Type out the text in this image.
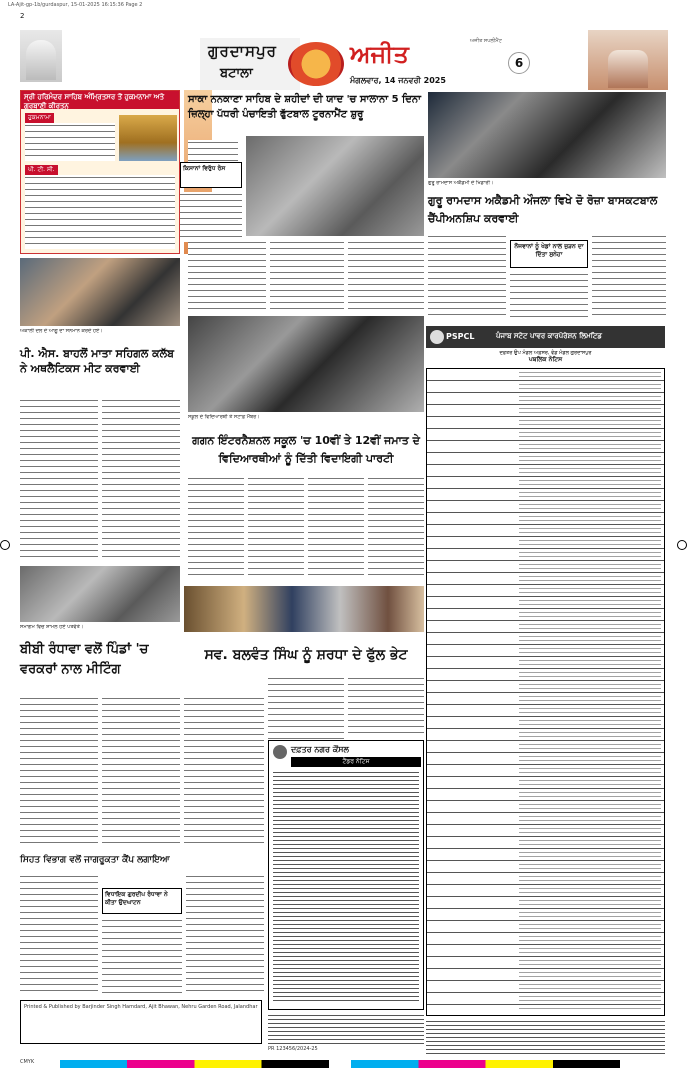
LA-Ajit-gp-1b/gurdaspur, 15-01-2025 16:15:36 Page 2
2
ਗੁਰਦਾਸਪੁਰ
ਬਟਾਲਾ
ਅਜੀਤ	ਅਜੀਤ ਸਪਲੀਮੈਂਟ
ਮੰਗਲਵਾਰ, 14 ਜਨਵਰੀ 2025
6
ਸ੍ਰੀ ਹਰਿਮੰਦਰ ਸਾਹਿਬ ਅੰਮ੍ਰਿਤਸਰ ਤੋਂ ਹੁਕਮਨਾਮਾ ਅਤੇ ਗੁਰਬਾਣੀ ਕੀਰਤਨ
ਹੁਕਮਨਾਮਾ
ਪੀ. ਟੀ. ਸੀ.
ਅਕਾਲੀ ਦਲ ਦੇ ਆਗੂ ਦਾ ਸਨਮਾਨ ਕਰਦੇ ਹੋਏ।
ਪੀ. ਐਸ. ਬਾਹਲੋਂ ਮਾਤਾ ਸਹਿਗਲ ਕਲੱਬ ਨੇ ਅਥਲੈਟਿਕਸ ਮੀਟ ਕਰਵਾਈ
ਸਮਾਗਮ ਵਿਚ ਸ਼ਾਮਲ ਹੋਏ ਪਤਵੰਤੇ।
ਬੀਬੀ ਰੰਧਾਵਾ ਵਲੋਂ ਪਿੰਡਾਂ 'ਚ ਵਰਕਰਾਂ ਨਾਲ ਮੀਟਿੰਗ
ਸਾਕਾ ਨਨਕਾਣਾ ਸਾਹਿਬ ਦੇ ਸ਼ਹੀਦਾਂ ਦੀ ਯਾਦ 'ਚ ਸਾਲਾਨਾ 5 ਦਿਨਾ ਜ਼ਿਲ੍ਹਾ ਪੱਧਰੀ ਪੰਚਾਇਤੀ ਫੁੱਟਬਾਲ ਟੂਰਨਾਮੈਂਟ ਸ਼ੁਰੂ
ਕਿਸਾਨਾਂ ਵਿਰੁੱਧ ਰੋਸ
ਸਕੂਲ ਦੇ ਵਿਦਿਆਰਥੀ ਤੇ ਸਟਾਫ਼ ਮੈਂਬਰ।
ਗਗਨ ਇੰਟਰਨੈਸ਼ਨਲ ਸਕੂਲ 'ਚ 10ਵੀਂ ਤੇ 12ਵੀਂ ਜਮਾਤ ਦੇ ਵਿਦਿਆਰਥੀਆਂ ਨੂੰ ਦਿੱਤੀ ਵਿਦਾਇਗੀ ਪਾਰਟੀ
ਸਵ. ਬਲਵੰਤ ਸਿੰਘ ਨੂੰ ਸ਼ਰਧਾ ਦੇ ਫੁੱਲ ਭੇਟ
ਦਫ਼ਤਰ ਨਗਰ ਕੌਂਸਲ
ਟੈਂਡਰ ਨੋਟਿਸ
ਸਿਹਤ ਵਿਭਾਗ ਵਲੋਂ ਜਾਗਰੂਕਤਾ ਕੈਂਪ ਲਗਾਇਆ
ਵਿਧਾਇਕ ਗੁਰਦੀਪ ਰੰਧਾਵਾ ਨੇ ਕੀਤਾ ਉਦਘਾਟਨ
ਗੁਰੂ ਰਾਮਦਾਸ ਅਕੈਡਮੀ ਦੇ ਖਿਡਾਰੀ।
ਗੁਰੂ ਰਾਮਦਾਸ ਅਕੈਡਮੀ ਔਜਲਾ ਵਿਖੇ ਦੋ ਰੋਜ਼ਾ ਬਾਸਕਟਬਾਲ ਚੈਂਪੀਅਨਸ਼ਿਪ ਕਰਵਾਈ
ਨੌਜਵਾਨਾਂ ਨੂੰ ਖੇਡਾਂ ਨਾਲ ਜੁੜਨ ਦਾ ਦਿੱਤਾ ਸੁਨੇਹਾ
PSPCL	ਪੰਜਾਬ ਸਟੇਟ ਪਾਵਰ ਕਾਰਪੋਰੇਸ਼ਨ ਲਿਮਟਿਡ
ਦਫ਼ਤਰ ਉਪ ਮੰਡਲ ਅਫ਼ਸਰ, ਵੰਡ ਮੰਡਲ ਗੁਰਦਾਸਪੁਰ
ਪਬਲਿਕ ਨੋਟਿਸ
Printed & Published by Barjinder Singh Hamdard, Ajit Bhawan, Nehru Garden Road, Jalandhar
PR 123456/2024-25
CMYK
